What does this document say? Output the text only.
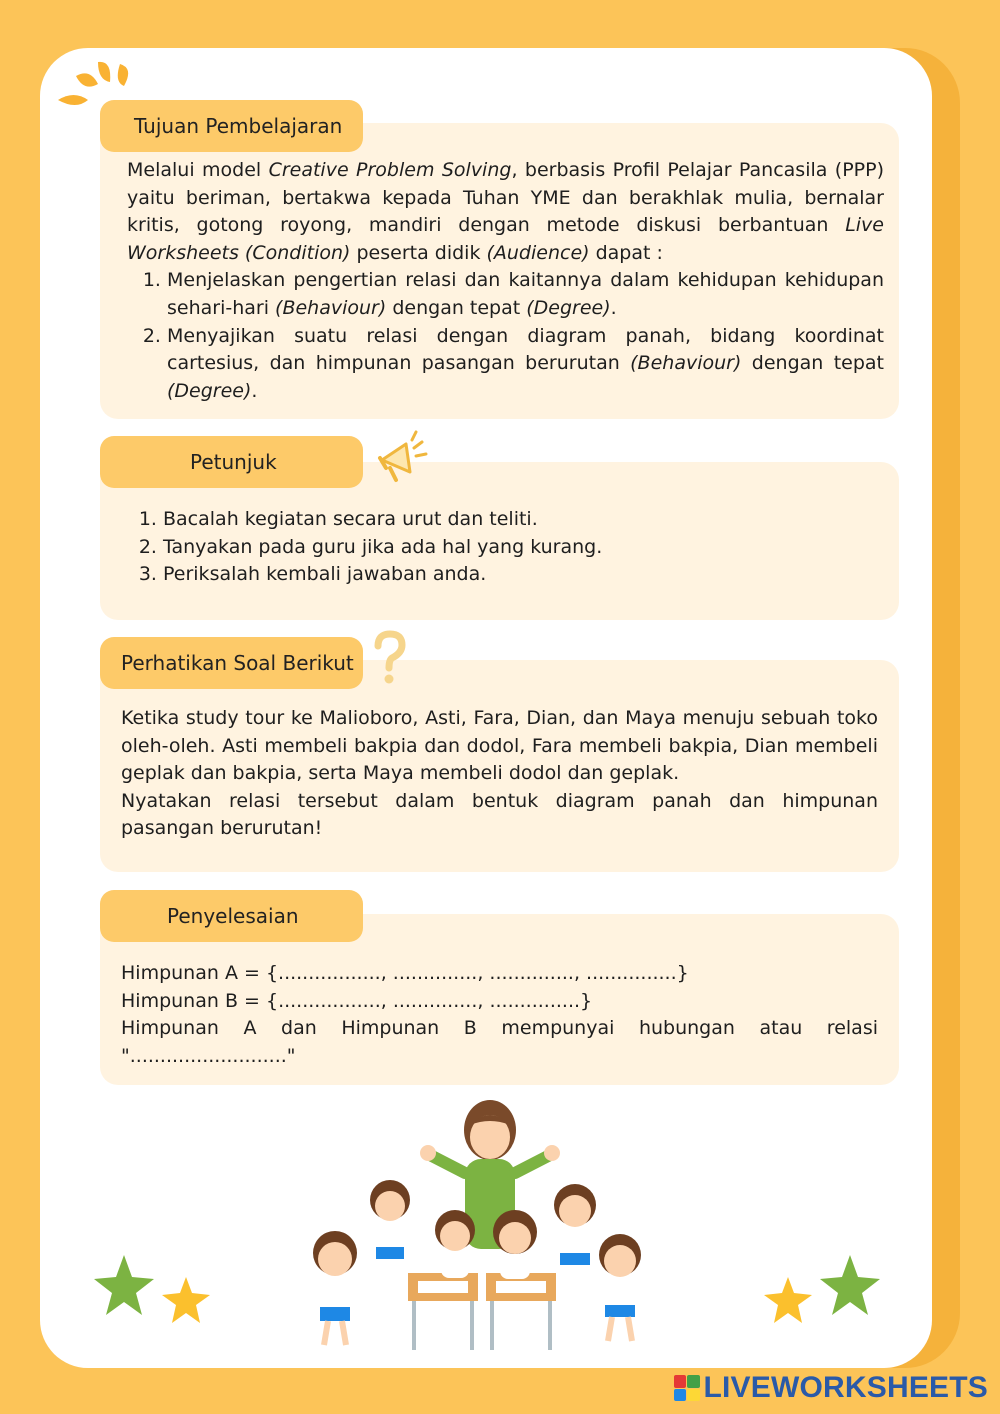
Tujuan Pembelajaran

Melalui model Creative Problem Solving, berbasis Profil Pelajar Pancasila (PPP) yaitu beriman, bertakwa kepada Tuhan YME dan berakhlak mulia, bernalar kritis, gotong royong, mandiri dengan metode diskusi berbantuan Live Worksheets (Condition) peserta didik (Audience) dapat :

1. Menjelaskan pengertian relasi dan kaitannya dalam kehidupan kehidupan sehari-hari (Behaviour) dengan tepat (Degree).
2. Menyajikan suatu relasi dengan diagram panah, bidang koordinat cartesius, dan himpunan pasangan berurutan (Behaviour) dengan tepat (Degree).
Petunjuk
1. Bacalah kegiatan secara urut dan teliti.
2. Tanyakan pada guru jika ada hal yang kurang.
3. Periksalah kembali jawaban anda.
Perhatikan Soal Berikut

Ketika study tour ke Malioboro, Asti, Fara, Dian, dan Maya menuju sebuah toko oleh-oleh. Asti membeli bakpia dan dodol, Fara membeli bakpia, Dian membeli geplak dan bakpia, serta Maya membeli dodol dan geplak.

Nyatakan relasi tersebut dalam bentuk diagram panah dan himpunan pasangan berurutan!

Penyelesaian

Himpunan A = {................., .............., .............., ...............}

Himpunan B = {................., .............., ...............}

Himpunan A dan Himpunan B mempunyai hubungan atau relasi ".........................."

LIVEWORKSHEETS
